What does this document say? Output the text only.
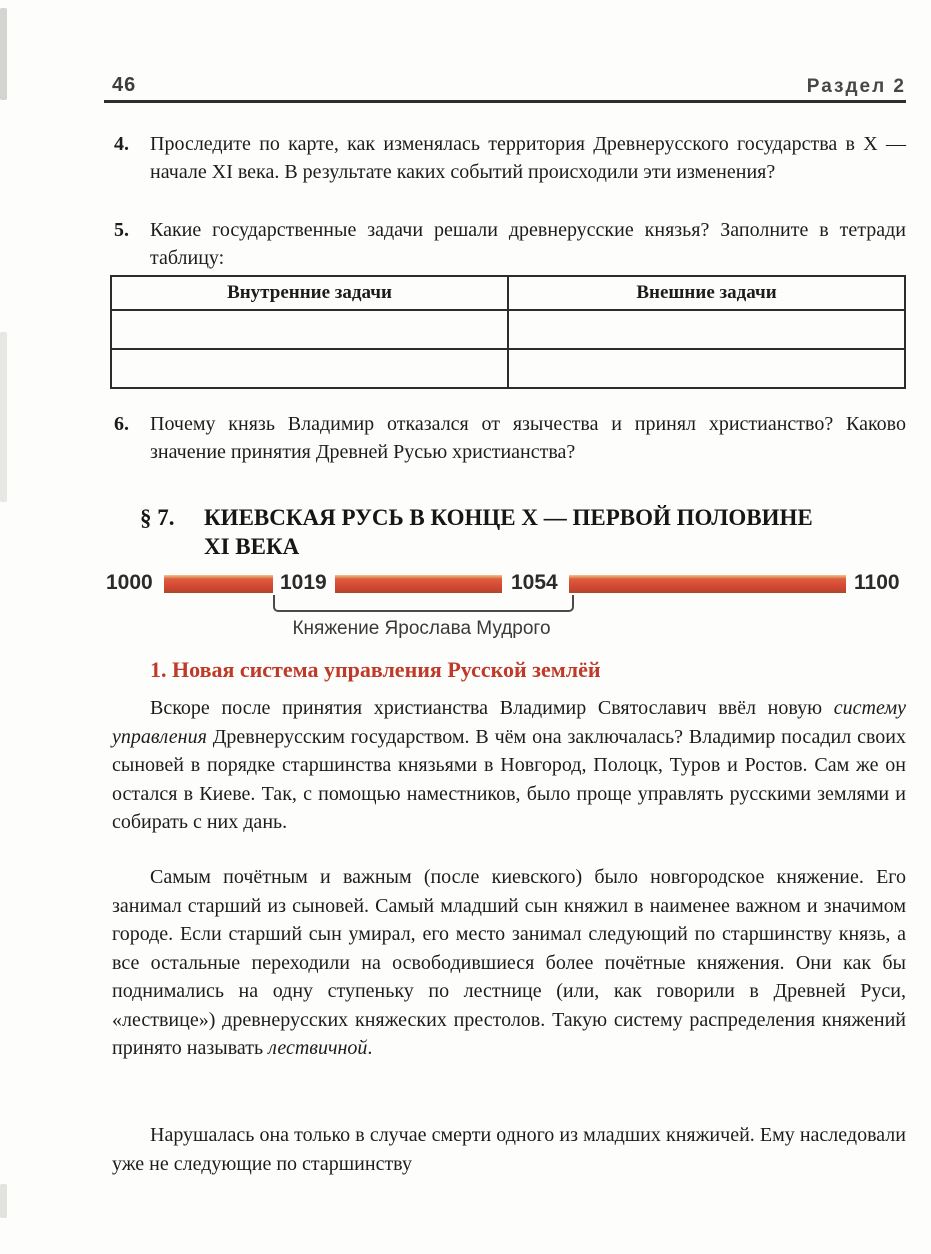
46	Раздел 2
4. Проследите по карте, как изменялась территория Древнерусского государства в X — начале XI века. В результате каких событий происходили эти изменения?
5. Какие государственные задачи решали древнерусские князья? Заполните в тетради таблицу:
Внутренние задачи	Внешние задачи

6. Почему князь Владимир отказался от язычества и принял христианство? Каково значение принятия Древней Русью христианства?
§ 7.	КИЕВСКАЯ РУСЬ В КОНЦЕ X — ПЕРВОЙ ПОЛОВИНЕ
XI ВЕКА
1000	1019	1054	1100
Княжение Ярослава Мудрого
1. Новая система управления Русской землёй

Вскоре после принятия христианства Владимир Святославич ввёл новую систему управления Древнерусским государством. В чём она заключалась? Владимир посадил своих сыновей в порядке старшинства князьями в Новгород, Полоцк, Туров и Ростов. Сам же он остался в Киеве. Так, с помощью наместников, было проще управлять русскими землями и собирать с них дань.

Самым почётным и важным (после киевского) было новгородское княжение. Его занимал старший из сыновей. Самый младший сын княжил в наименее важном и значимом городе. Если старший сын умирал, его место занимал следующий по старшинству князь, а все остальные переходили на освободившиеся более почётные княжения. Они как бы поднимались на одну ступеньку по лестнице (или, как говорили в Древней Руси, «лествице») древнерусских княжеских престолов. Такую систему распределения княжений принято называть лествичной.

Нарушалась она только в случае смерти одного из младших княжичей. Ему наследовали уже не следующие по старшинству
